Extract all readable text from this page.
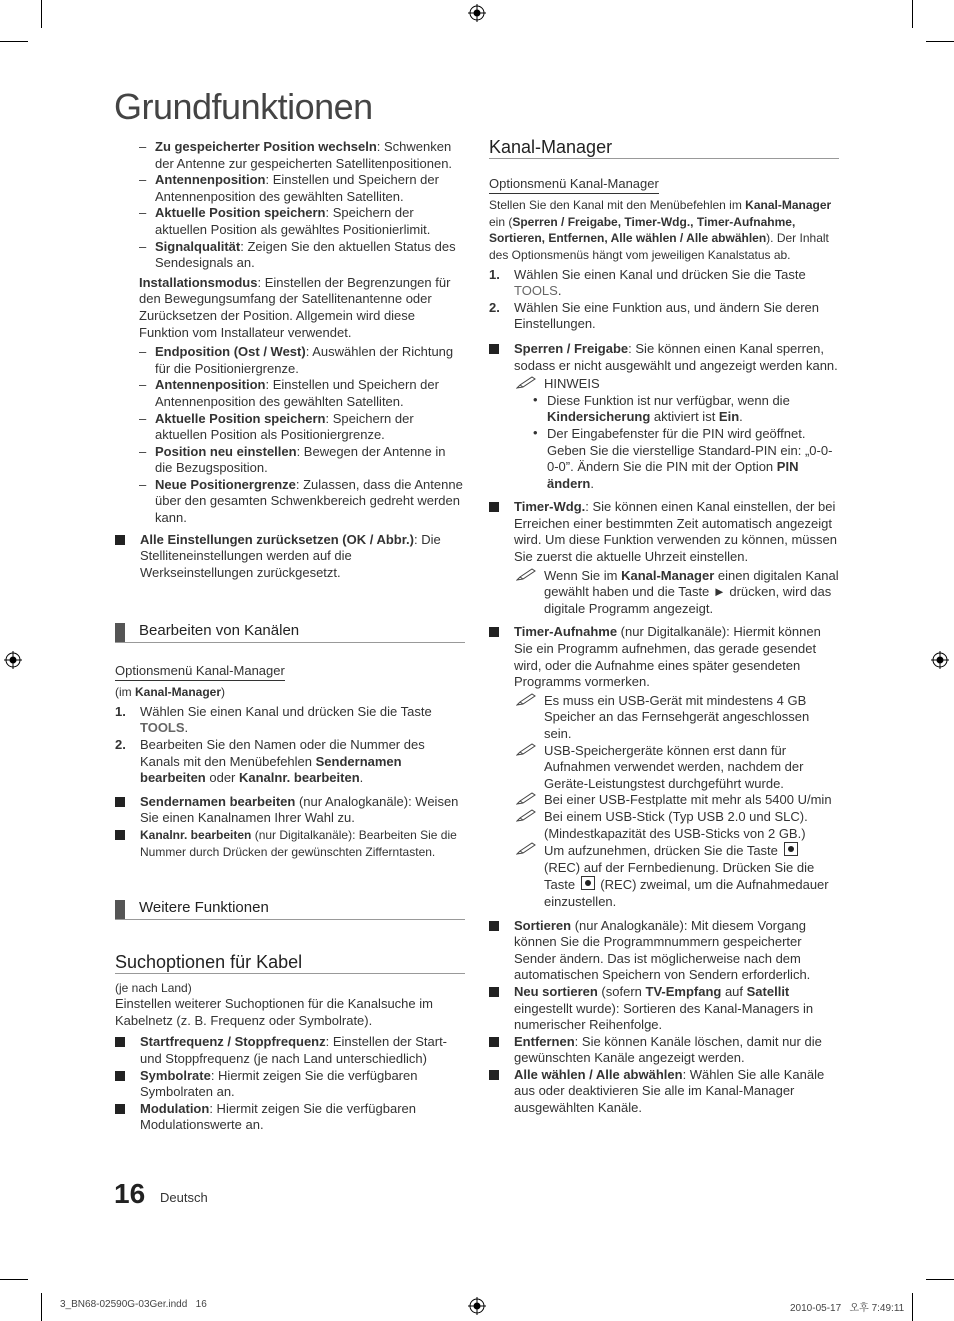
Grundfunktionen

– Zu gespeicherter Position wechseln: Schwenken der Antenne zur gespeicherten Satellitenpositionen.

– Antennenposition: Einstellen und Speichern der Antennenposition des gewählten Satelliten.

– Aktuelle Position speichern: Speichern der aktuellen Position als gewähltes Positionierlimit.

– Signalqualität: Zeigen Sie den aktuellen Status des Sendesignals an.

Installationsmodus: Einstellen der Begrenzungen für den Bewegungsumfang der Satellitenantenne oder Zurücksetzen der Position. Allgemein wird diese Funktion vom Installateur verwendet.

– Endposition (Ost / West): Auswählen der Richtung für die Positioniergrenze.

– Antennenposition: Einstellen und Speichern der Antennenposition des gewählten Satelliten.

– Aktuelle Position speichern: Speichern der aktuellen Position als Positioniergrenze.

– Position neu einstellen: Bewegen der Antenne in die Bezugsposition.

– Neue Positionergrenze: Zulassen, dass die Antenne über den gesamten Schwenkbereich gedreht werden kann.

Alle Einstellungen zurücksetzen (OK / Abbr.): Die Stelliteneinstellungen werden auf die Werkseinstellungen zurückgesetzt.

Bearbeiten von Kanälen
Optionsmenü Kanal-Manager

(im Kanal-Manager)

1. Wählen Sie einen Kanal und drücken Sie die Taste TOOLS.

2. Bearbeiten Sie den Namen oder die Nummer des Kanals mit den Menübefehlen Sendernamen bearbeiten oder Kanalnr. bearbeiten.

Sendernamen bearbeiten (nur Analogkanäle): Weisen Sie einen Kanalnamen Ihrer Wahl zu.

Kanalnr. bearbeiten (nur Digitalkanäle): Bearbeiten Sie die Nummer durch Drücken der gewünschten Zifferntasten.

Weitere Funktionen
Suchoptionen für Kabel

(je nach Land)

Einstellen weiterer Suchoptionen für die Kanalsuche im Kabelnetz (z. B. Frequenz oder Symbolrate).

Startfrequenz / Stoppfrequenz: Einstellen der Start- und Stoppfrequenz (je nach Land unterschiedlich)

Symbolrate: Hiermit zeigen Sie die verfügbaren Symbolraten an.

Modulation: Hiermit zeigen Sie die verfügbaren Modulationswerte an.

Kanal-Manager
Optionsmenü Kanal-Manager

Stellen Sie den Kanal mit den Menübefehlen im Kanal-Manager ein (Sperren / Freigabe, Timer-Wdg., Timer-Aufnahme, Sortieren, Entfernen, Alle wählen / Alle abwählen). Der Inhalt des Optionsmenüs hängt vom jeweiligen Kanalstatus ab.

1. Wählen Sie einen Kanal und drücken Sie die Taste TOOLS.

2. Wählen Sie eine Funktion aus, und ändern Sie deren Einstellungen.

Sperren / Freigabe: Sie können einen Kanal sperren, sodass er nicht ausgewählt und angezeigt werden kann.

HINWEIS

• Diese Funktion ist nur verfügbar, wenn die Kindersicherung aktiviert ist Ein.

• Der Eingabefenster für die PIN wird geöffnet. Geben Sie die vierstellige Standard-PIN ein: „0-0-0-0”. Ändern Sie die PIN mit der Option PIN ändern.

Timer-Wdg.: Sie können einen Kanal einstellen, der bei Erreichen einer bestimmten Zeit automatisch angezeigt wird. Um diese Funktion verwenden zu können, müssen Sie zuerst die aktuelle Uhrzeit einstellen.

Wenn Sie im Kanal-Manager einen digitalen Kanal gewählt haben und die Taste ► drücken, wird das digitale Programm angezeigt.

Timer-Aufnahme (nur Digitalkanäle): Hiermit können Sie ein Programm aufnehmen, das gerade gesendet wird, oder die Aufnahme eines später gesendeten Programms vormerken.

Es muss ein USB-Gerät mit mindestens 4 GB Speicher an das Fernsehgerät angeschlossen sein.

USB-Speichergeräte können erst dann für Aufnahmen verwendet werden, nachdem der Geräte-Leistungstest durchgeführt wurde.

Bei einer USB-Festplatte mit mehr als 5400 U/min

Bei einem USB-Stick (Typ USB 2.0 und SLC). (Mindestkapazität des USB-Sticks von 2 GB.)

Um aufzunehmen, drücken Sie die Taste  (REC) auf der Fernbedienung. Drücken Sie die Taste  (REC) zweimal, um die Aufnahmedauer einzustellen.

Sortieren (nur Analogkanäle): Mit diesem Vorgang können Sie die Programmnummern gespeicherter Sender ändern. Das ist möglicherweise nach dem automatischen Speichern von Sendern erforderlich.

Neu sortieren (sofern TV-Empfang auf Satellit eingestellt wurde): Sortieren des Kanal-Managers in numerischer Reihenfolge.

Entfernen: Sie können Kanäle löschen, damit nur die gewünschten Kanäle angezeigt werden.

Alle wählen / Alle abwählen: Wählen Sie alle Kanäle aus oder deaktivieren Sie alle im Kanal-Manager ausgewählten Kanäle.

16 Deutsch
3_BN68-02590G-03Ger.indd   16	2010-05-17   오후 7:49:11
